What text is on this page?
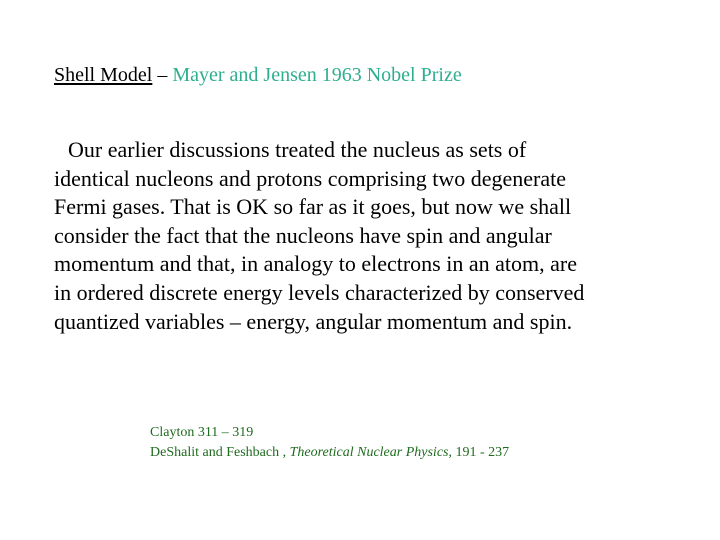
Shell Model – Mayer and Jensen 1963 Nobel Prize
Our earlier discussions treated the nucleus as sets of
identical nucleons and protons comprising two degenerate
Fermi gases. That is OK so far as it goes, but now we shall
consider the fact that the nucleons have spin and angular
momentum and that, in analogy to electrons in an atom, are
in ordered discrete energy levels characterized by conserved
quantized variables – energy, angular momentum and spin.
Clayton 311 – 319
DeShalit and Feshbach , Theoretical Nuclear Physics, 191 - 237
